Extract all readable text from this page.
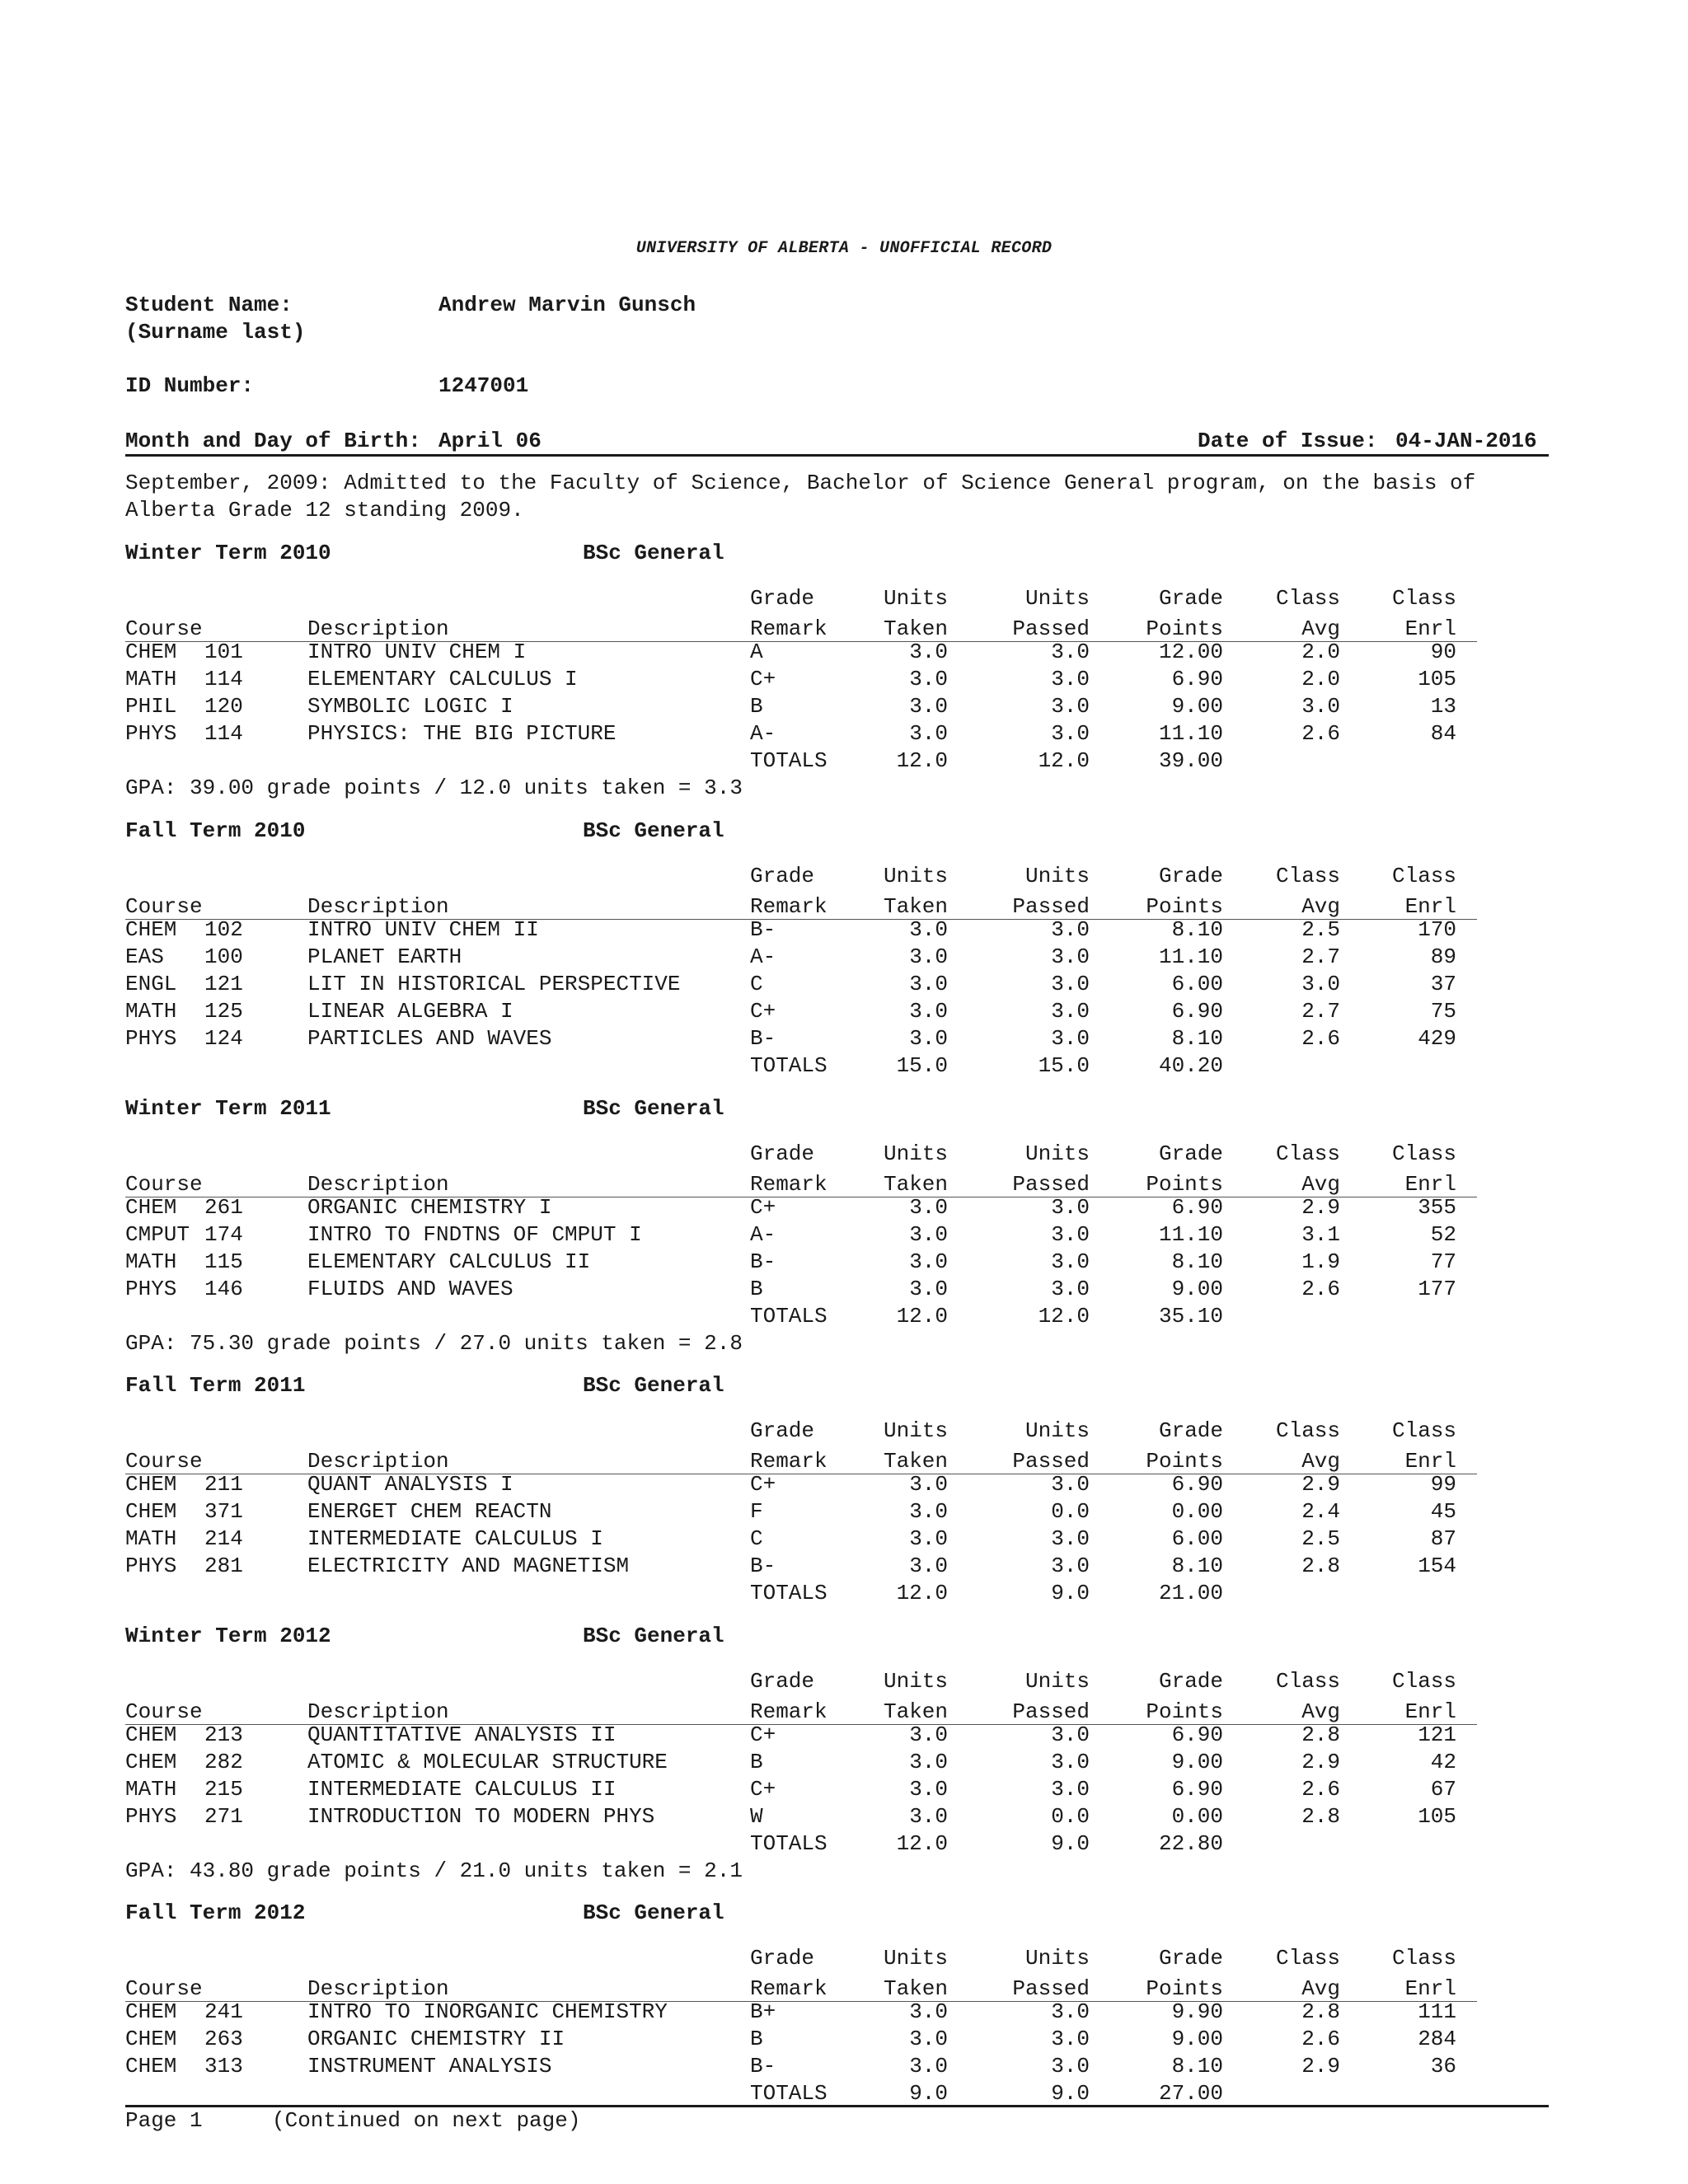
UNIVERSITY OF ALBERTA - UNOFFICIAL RECORD
Student Name:
(Surname last)
Andrew Marvin Gunsch
ID Number:	1247001
Month and Day of Birth: April 06	Date of Issue: 04-JAN-2016
September, 2009: Admitted to the Faculty of Science, Bachelor of Science General program, on the basis of
Alberta Grade 12 standing 2009.
Winter Term 2010	BSc General
Grade	Units	Units	Grade	Class	Class
Course	Description	Remark	Taken	Passed	Points	Avg	Enrl
CHEM 101	INTRO UNIV CHEM I	A	3.0	3.0	12.00	2.0	90
MATH 114	ELEMENTARY CALCULUS I	C+	3.0	3.0	6.90	2.0	105
PHIL 120	SYMBOLIC LOGIC I	B	3.0	3.0	9.00	3.0	13
PHYS 114	PHYSICS: THE BIG PICTURE	A-	3.0	3.0	11.10	2.6	84
TOTALS	12.0	12.0	39.00
GPA: 39.00 grade points / 12.0 units taken = 3.3
Fall Term 2010	BSc General
Grade	Units	Units	Grade	Class	Class
Course	Description	Remark	Taken	Passed	Points	Avg	Enrl
CHEM 102	INTRO UNIV CHEM II	B-	3.0	3.0	8.10	2.5	170
EAS 100	PLANET EARTH	A-	3.0	3.0	11.10	2.7	89
ENGL 121	LIT IN HISTORICAL PERSPECTIVE	C	3.0	3.0	6.00	3.0	37
MATH 125	LINEAR ALGEBRA I	C+	3.0	3.0	6.90	2.7	75
PHYS 124	PARTICLES AND WAVES	B-	3.0	3.0	8.10	2.6	429
TOTALS	15.0	15.0	40.20
Winter Term 2011	BSc General
Grade	Units	Units	Grade	Class	Class
Course	Description	Remark	Taken	Passed	Points	Avg	Enrl
CHEM 261	ORGANIC CHEMISTRY I	C+	3.0	3.0	6.90	2.9	355
CMPUT 174	INTRO TO FNDTNS OF CMPUT I	A-	3.0	3.0	11.10	3.1	52
MATH 115	ELEMENTARY CALCULUS II	B-	3.0	3.0	8.10	1.9	77
PHYS 146	FLUIDS AND WAVES	B	3.0	3.0	9.00	2.6	177
TOTALS	12.0	12.0	35.10
GPA: 75.30 grade points / 27.0 units taken = 2.8
Fall Term 2011	BSc General
Grade	Units	Units	Grade	Class	Class
Course	Description	Remark	Taken	Passed	Points	Avg	Enrl
CHEM 211	QUANT ANALYSIS I	C+	3.0	3.0	6.90	2.9	99
CHEM 371	ENERGET CHEM REACTN	F	3.0	0.0	0.00	2.4	45
MATH 214	INTERMEDIATE CALCULUS I	C	3.0	3.0	6.00	2.5	87
PHYS 281	ELECTRICITY AND MAGNETISM	B-	3.0	3.0	8.10	2.8	154
TOTALS	12.0	9.0	21.00
Winter Term 2012	BSc General
Grade	Units	Units	Grade	Class	Class
Course	Description	Remark	Taken	Passed	Points	Avg	Enrl
CHEM 213	QUANTITATIVE ANALYSIS II	C+	3.0	3.0	6.90	2.8	121
CHEM 282	ATOMIC & MOLECULAR STRUCTURE	B	3.0	3.0	9.00	2.9	42
MATH 215	INTERMEDIATE CALCULUS II	C+	3.0	3.0	6.90	2.6	67
PHYS 271	INTRODUCTION TO MODERN PHYS	W	3.0	0.0	0.00	2.8	105
TOTALS	12.0	9.0	22.80
GPA: 43.80 grade points / 21.0 units taken = 2.1
Fall Term 2012	BSc General
Grade	Units	Units	Grade	Class	Class
Course	Description	Remark	Taken	Passed	Points	Avg	Enrl
CHEM 241	INTRO TO INORGANIC CHEMISTRY	B+	3.0	3.0	9.90	2.8	111
CHEM 263	ORGANIC CHEMISTRY II	B	3.0	3.0	9.00	2.6	284
CHEM 313	INSTRUMENT ANALYSIS	B-	3.0	3.0	8.10	2.9	36
TOTALS	9.0	9.0	27.00
Page 1	(Continued on next page)
